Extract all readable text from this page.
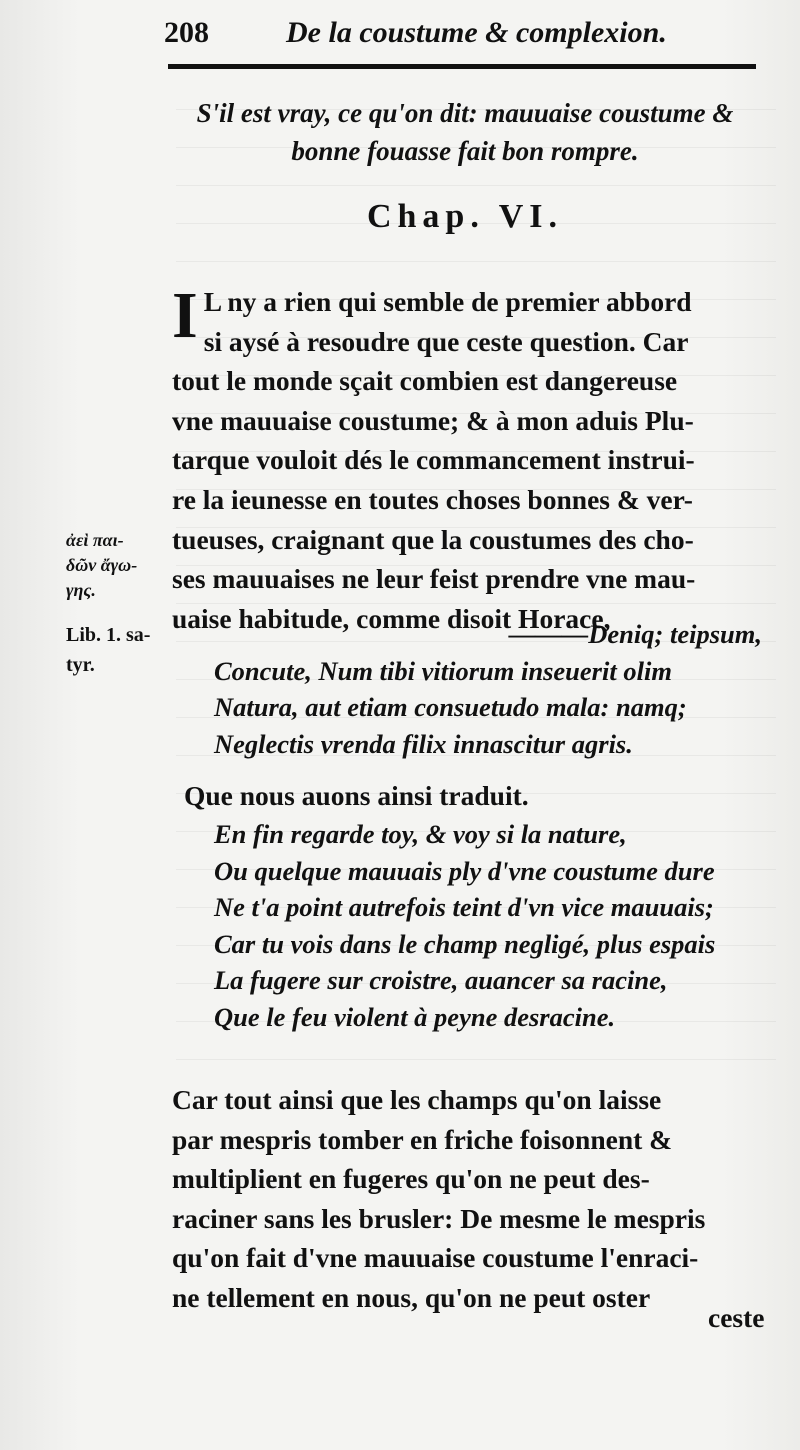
208	De la coustume & complexion.
S'il est vray, ce qu'on dit: mauuaise coustume & bonne fouasse fait bon rompre.
Chap. VI.
I L ny a rien qui semble de premier abbord
si aysé à resoudre que ceste question. Car
tout le monde sçait combien est dangereuse
vne mauuaise coustume; & à mon aduis Plu-
tarque vouloit dés le commancement instrui-
re la ieunesse en toutes choses bonnes & ver-
tueuses, craignant que la coustumes des cho-
ses mauuaises ne leur feist prendre vne mau-
uaise habitude, comme disoit Horace,
ἀεὶ παι-
δῶν ἄγω-
γης.
Lib. 1. sa-
tyr.
———Deniq; teipsum,
Concute, Num tibi vitiorum inseuerit olim
Natura, aut etiam consuetudo mala: namq;
Neglectis vrenda filix innascitur agris.
Que nous auons ainsi traduit.
En fin regarde toy, & voy si la nature,
Ou quelque mauuais ply d'vne coustume dure
Ne t'a point autrefois teint d'vn vice mauuais;
Car tu vois dans le champ negligé, plus espais
La fugere sur croistre, auancer sa racine,
Que le feu violent à peyne desracine.
Car tout ainsi que les champs qu'on laisse
par mespris tomber en friche foisonnent &
multiplient en fugeres qu'on ne peut des-
raciner sans les brusler: De mesme le mespris
qu'on fait d'vne mauuaise coustume l'enraci-
ne tellement en nous, qu'on ne peut oster
ceste
